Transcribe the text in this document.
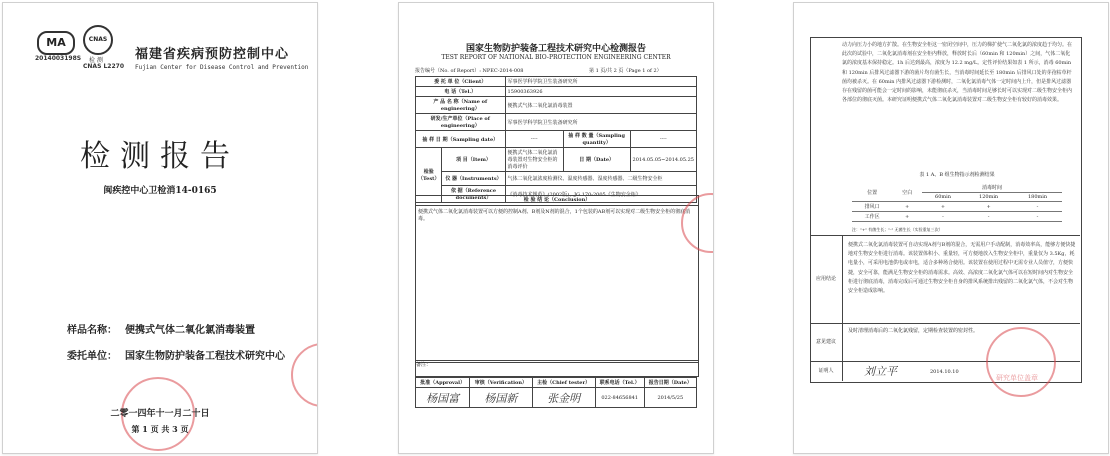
MA
2014003198S
CNAS
检 测
CNAS L2270
福建省疾病预防控制中心
Fujian Center for Disease Control and Prevention
检测报告
闽疾控中心卫检消14-0165
样品名称： 便携式气体二氧化氯消毒装置
委托单位： 国家生物防护装备工程技术研究中心
二零一四年十一月二十日
第 1 页 共 3 页
国家生物防护装备工程技术研究中心检测报告
TEST REPORT OF NATIONAL BIO-PROTECTION ENGINEERING CENTER
报告编号（No. of Report）: NPEC-2014-008	第 1 页/共 2 页（Page 1 of 2）
委 托 单 位（Client）		军事医学科学院卫生装备研究所		
电 话（Tel.）		15900363926		
产 品 名 称（Name of engineering）		便携式气体二氧化氯消毒装置		
研发/生产单位（Place of engineering）		军事医学科学院卫生装备研究所		
抽 样 日 期（Sampling date）		----	抽 样 数 量（Sampling quantity）	----
检验（Test）	项 目（Item）	便携式气体二氧化氯消毒装置对生物安全柜的消毒评价	日 期（Date）	2014.05.05~2014.05.25
	仪 器（Instruments）	气体二氧化氯浓度检测仪、温度传感器、湿度传感器、二级生物安全柜		
	依 据（Reference documents）	《消毒技术规范》(2002版)、JG 170-2005《生物安全柜》		
检 验 结 论（Conclusion）
便携式气体二氧化氯消毒装置可以方便的控制A剂、B剂及N剂的混合，1个包装的AB剂可以实现对二级生物安全柜的彻底消毒。
备注：
批准（Approval）	审核（Verification）	主检（Chief tester）	联系电话（Tel.）	报告日期（Date）
杨国富	杨国新	张金明	022-84656841	2014/5/25
动力向压力小的地方扩散。在生物安全柜这一密闭空间中，压力的梯扩使气二氧化氯的浓度趋于均匀。在此次的试验中，二氧化氯消毒剂在安全柜内释放，释放时长后（60min 和 120min）之间，气体二氧化氯的浓度基本保持稳定。1h 后达到最高，浓度为 12.2 mg/L。定性评价结果如表 1 所示，消毒 60min 和 120min 后排风过滤器下游的菌片均有菌生长，当消毒时间延长至 180min 后排风口处的芽孢枯草杆菌均被杀灭。在 60min 内排风过滤器下游检测时，二氧化氯消毒气体一定时间内上升，但是排风过滤器存在残留的菌可能会一定时间的影响，未能彻底杀灭，当消毒时间足够长时可以实现对二级生物安全柜内各部位的彻底灭菌。本研究证明便携式气体二氧化氯消毒装置对二级生物安全柜有较好的消毒效果。
表 1 A、B 组生物指示剂检测结果
位置	空白	消毒时间		
		60min	120min	180min
排风口	+	+	+	-
工作区	+	-	-	-
注："+" 有菌生长；"-" 无菌生长（实验重复三次）
应用结论
便携式二氧化氯消毒装置可自动实现A剂与B剂的混合，无需用户手动配制，消毒效率高，能够方便快捷地对生物安全柜进行消毒。该装置体积小、重量轻，可方便地放入生物安全柜中，重量仅为 3.5Kg，耗电量小，可采用电池供电或市电，适合多种场合使用。该装置在使用过程中无需专业人员值守，方便快捷，安全可靠，能满足生物安全柜的消毒需求。高效、高浓度二氧化氯气体可以在短时间内对生物安全柜进行彻底消毒，消毒完成后可通过生物安全柜自身的排风系统排出残留的二氧化氯气体，不会对生物安全柜造成影响。
意见建议
及时清理消毒后的二氧化氯残留，定期检查装置的密封性。
证明人	刘立平	2014.10.10
研究单位盖章
